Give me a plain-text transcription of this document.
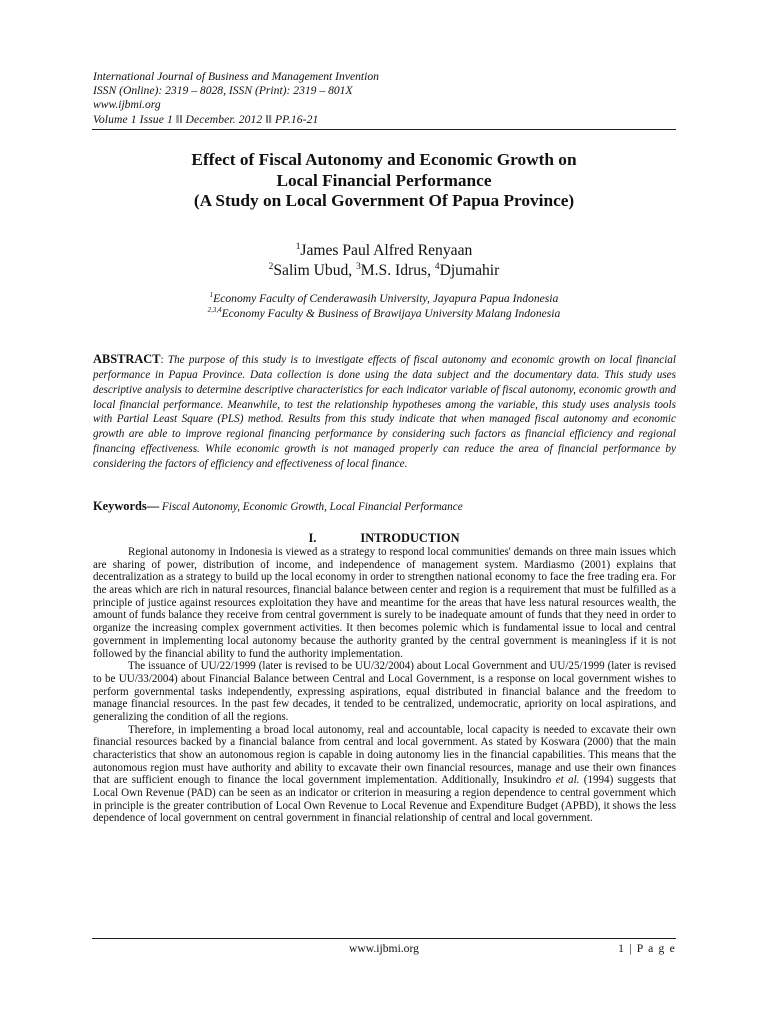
International Journal of Business and Management Invention
ISSN (Online): 2319 – 8028, ISSN (Print): 2319 – 801X
www.ijbmi.org
Volume 1 Issue 1 ǁǁ December. 2012 ǁǁ PP.16-21
Effect of Fiscal Autonomy and Economic Growth on
Local Financial Performance
(A Study on Local Government Of Papua Province)
$^1$James Paul Alfred Renyaan
$^2$Salim Ubud, $^3$M.S. Idrus, $^4$Djumahir
$^1$Economy Faculty of Cenderawasih University, Jayapura Papua Indonesia
$^{2,3,4}$Economy Faculty & Business of Brawijaya University Malang Indonesia
ABSTRACT: The purpose of this study is to investigate effects of fiscal autonomy and economic growth on local financial performance in Papua Province. Data collection is done using the data subject and the documentary data. This study uses descriptive analysis to determine descriptive characteristics for each indicator variable of fiscal autonomy, economic growth and local financial performance. Meanwhile, to test the relationship hypotheses among the variable, this study uses analysis tools with Partial Least Square (PLS) method. Results from this study indicate that when managed fiscal autonomy and economic growth are able to improve regional financing performance by considering such factors as financial efficiency and regional financing effectiveness. While economic growth is not managed properly can reduce the area of financial performance by considering the factors of efficiency and effectiveness of local finance.
Keywords— Fiscal Autonomy, Economic Growth, Local Financial Performance
I.	INTRODUCTION

Regional autonomy in Indonesia is viewed as a strategy to respond local communities' demands on three main issues which are sharing of power, distribution of income, and independence of management system. Mardiasmo (2001) explains that decentralization as a strategy to build up the local economy in order to strengthen national economy to face the free trading era. For the areas which are rich in natural resources, financial balance between center and region is a requirement that must be fulfilled as a principle of justice against resources exploitation they have and meantime for the areas that have less natural resources wealth, the amount of funds balance they receive from central government is surely to be inadequate amount of funds that they need in order to organize the increasing complex government activities. It then becomes polemic which is fundamental issue to local and central government in implementing local autonomy because the authority granted by the central government is meaningless if it is not followed by the financial ability to fund the authority implementation.

The issuance of UU/22/1999 (later is revised to be UU/32/2004) about Local Government and UU/25/1999 (later is revised to be UU/33/2004) about Financial Balance between Central and Local Government, is a response on local government wishes to perform governmental tasks independently, expressing aspirations, equal distributed in financial balance and the freedom to manage financial resources. In the past few decades, it tended to be centralized, undemocratic, apriority on local aspirations, and generalizing the condition of all the regions.

Therefore, in implementing a broad local autonomy, real and accountable, local capacity is needed to excavate their own financial resources backed by a financial balance from central and local government. As stated by Koswara (2000) that the main characteristics that show an autonomous region is capable in doing autonomy lies in the financial capabilities. This means that the autonomous region must have authority and ability to excavate their own financial resources, manage and use their own finances that are sufficient enough to finance the local government implementation. Additionally, Insukindro et al. (1994) suggests that Local Own Revenue (PAD) can be seen as an indicator or criterion in measuring a region dependence to central government which in principle is the greater contribution of Local Own Revenue to Local Revenue and Expenditure Budget (APBD), it shows the less dependence of local government on central government in financial relationship of central and local government.

www.ijbmi.org	1 | P a g e
